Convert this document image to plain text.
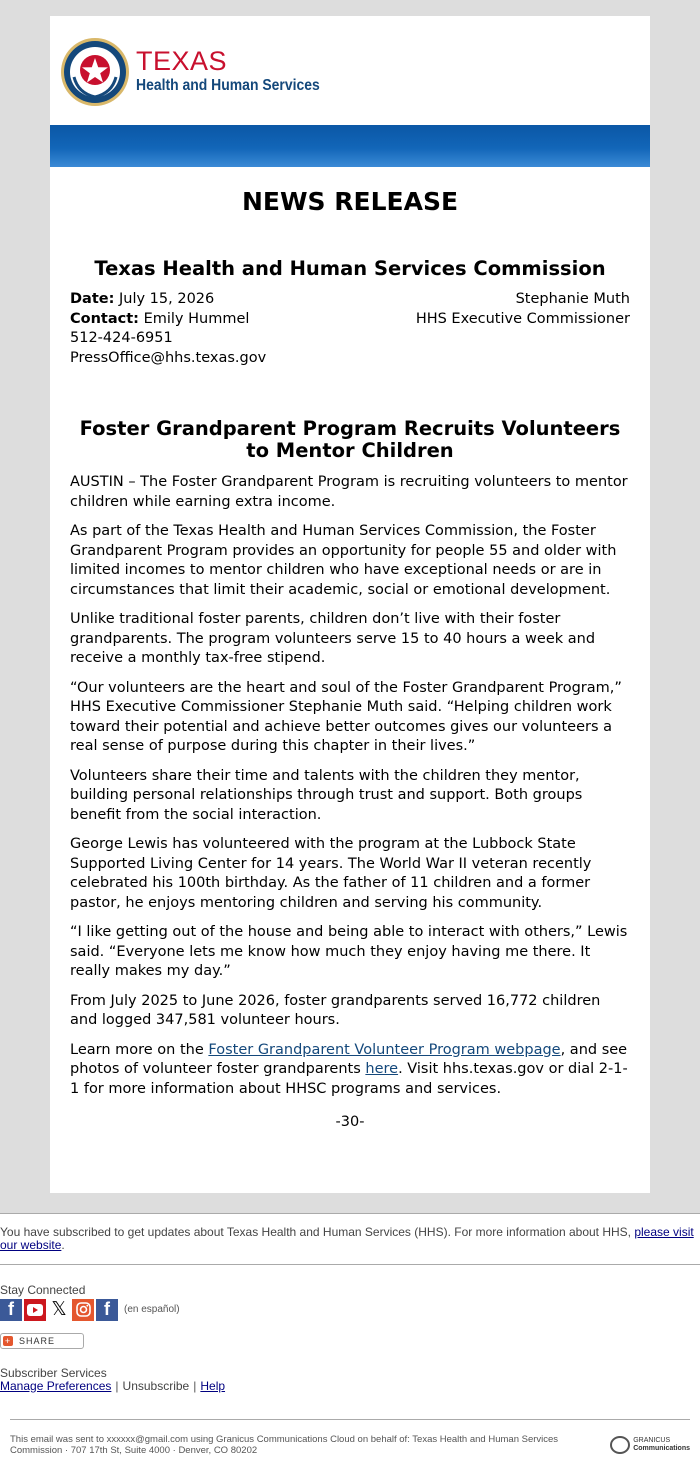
TEXAS
Health and Human Services
NEWS RELEASE
Texas Health and Human Services Commission
Date: July 15, 2026
Contact: Emily Hummel
512-424-6951
PressOffice@hhs.texas.gov
Stephanie Muth
HHS Executive Commissioner
Foster Grandparent Program Recruits Volunteers to Mentor Children

AUSTIN – The Foster Grandparent Program is recruiting volunteers to mentor children while earning extra income.

As part of the Texas Health and Human Services Commission, the Foster Grandparent Program provides an opportunity for people 55 and older with limited incomes to mentor children who have exceptional needs or are in circumstances that limit their academic, social or emotional development.

Unlike traditional foster parents, children don’t live with their foster grandparents. The program volunteers serve 15 to 40 hours a week and receive a monthly tax-free stipend.

“Our volunteers are the heart and soul of the Foster Grandparent Program,” HHS Executive Commissioner Stephanie Muth said. “Helping children work toward their potential and achieve better outcomes gives our volunteers a real sense of purpose during this chapter in their lives.”

Volunteers share their time and talents with the children they mentor, building personal relationships through trust and support. Both groups benefit from the social interaction.

George Lewis has volunteered with the program at the Lubbock State Supported Living Center for 14 years. The World War II veteran recently celebrated his 100th birthday. As the father of 11 children and a former pastor, he enjoys mentoring children and serving his community.

“I like getting out of the house and being able to interact with others,” Lewis said. “Everyone lets me know how much they enjoy having me there. It really makes my day.”

From July 2025 to June 2026, foster grandparents served 16,772 children and logged 347,581 volunteer hours.

Learn more on the Foster Grandparent Volunteer Program webpage, and see photos of volunteer foster grandparents here. Visit hhs.texas.gov or dial 2-1-1 for more information about HHSC programs and services.

-30-
You have subscribed to get updates about Texas Health and Human Services (HHS). For more information about HHS, please visit our website.
Stay Connected
f	𝕏	f	(en español)
+ SHARE
Subscriber Services
Manage Preferences | Unsubscribe | Help
This email was sent to xxxxxx@gmail.com using Granicus Communications Cloud on behalf of: Texas Health and Human Services Commission · 707 17th St, Suite 4000 · Denver, CO 80202
GRANICUS
Communications
